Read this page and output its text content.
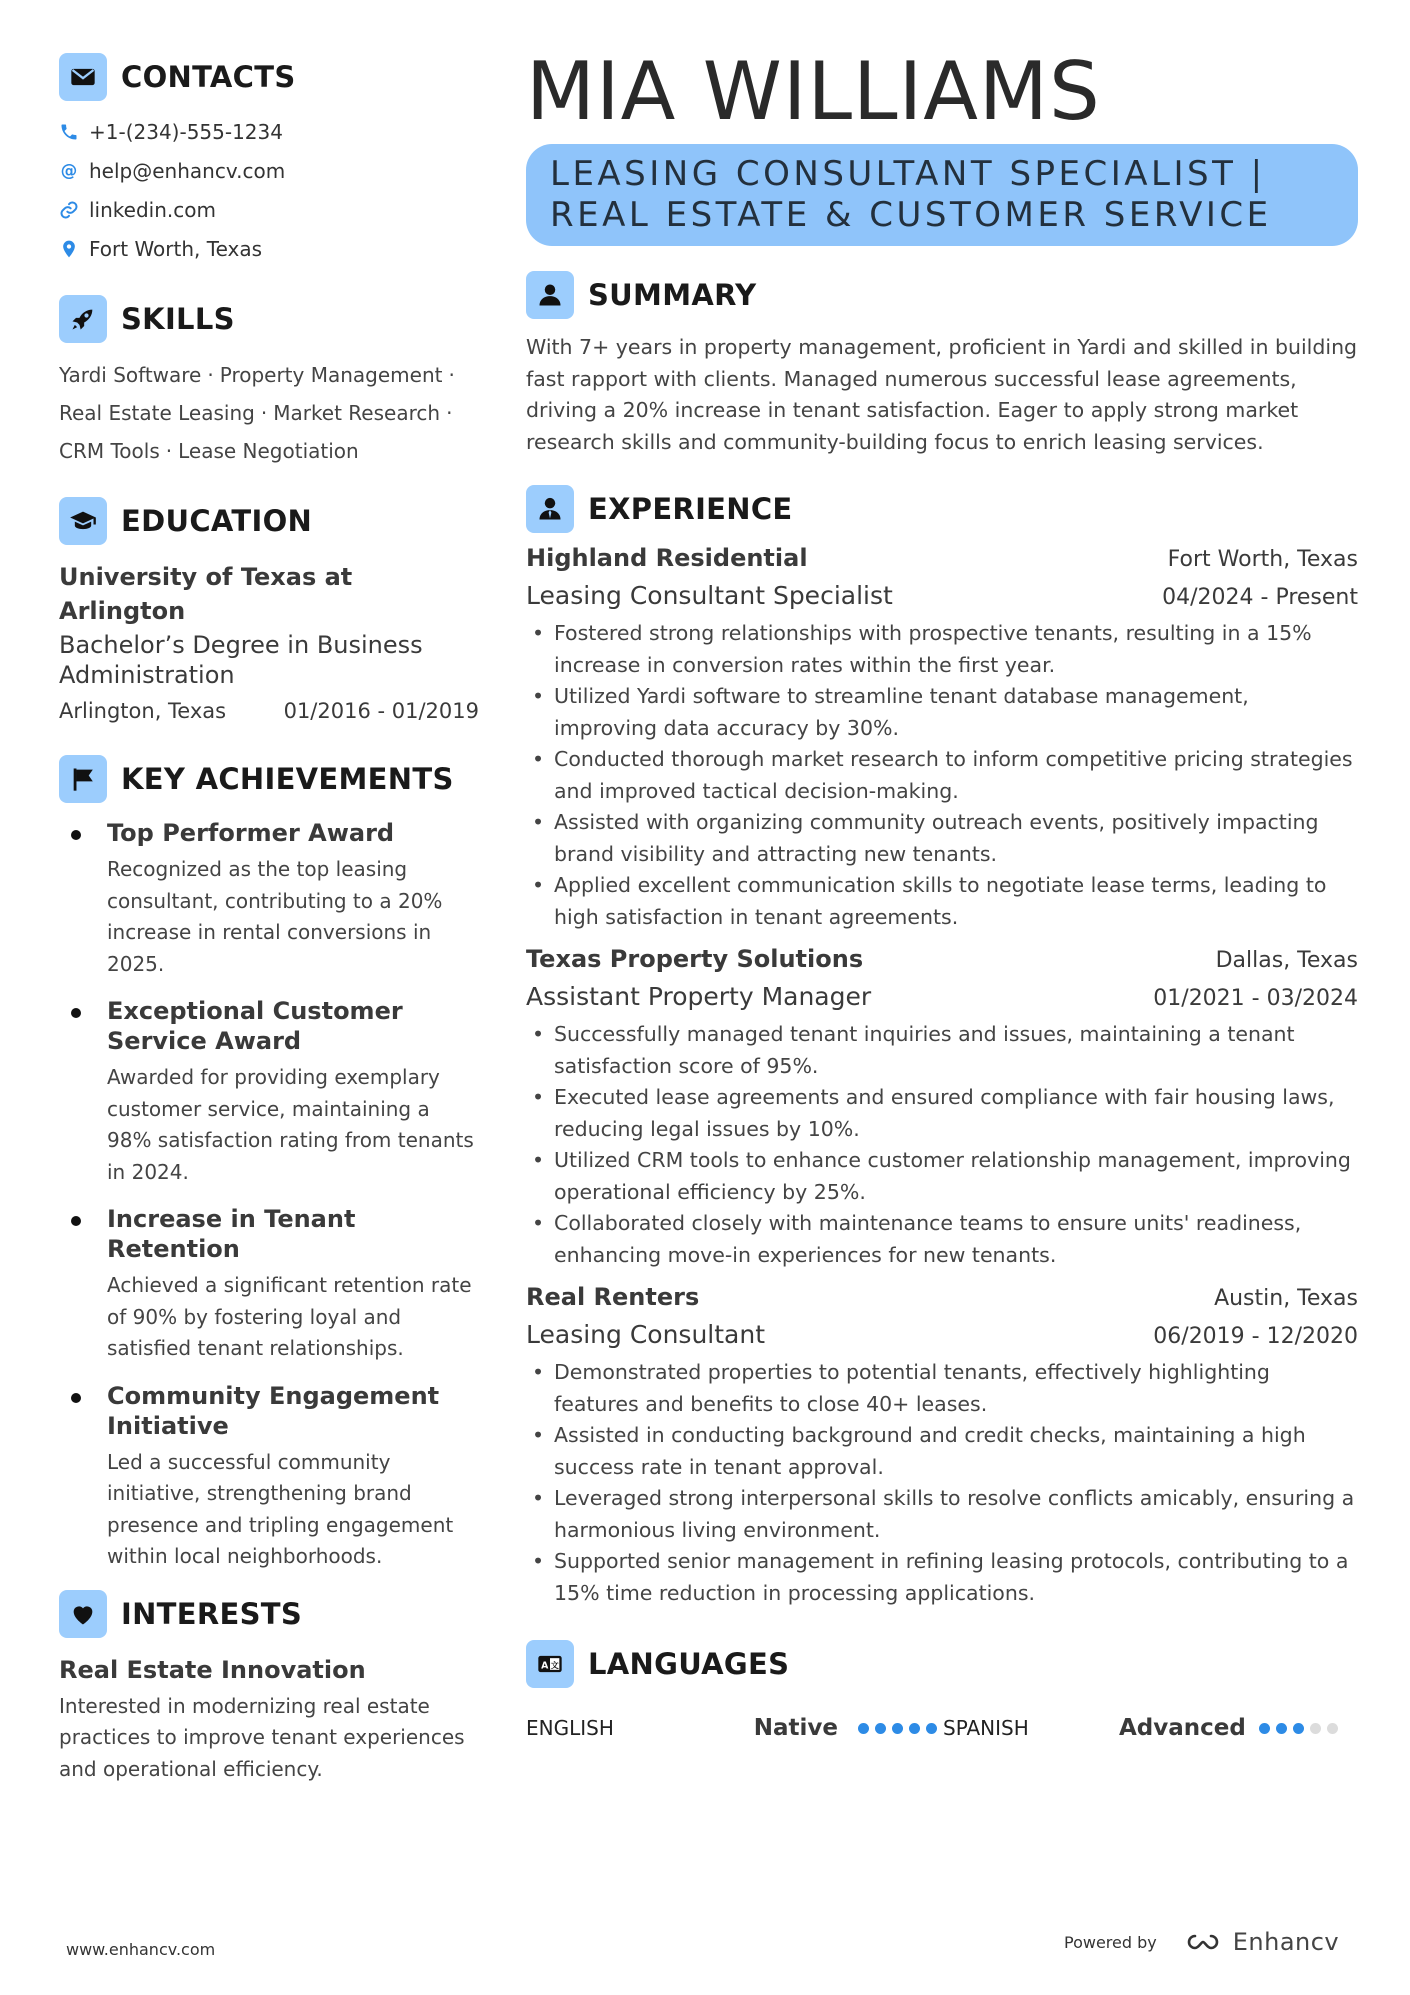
CONTACTS
+1-(234)-555-1234
@ help@enhancv.com
linkedin.com
Fort Worth, Texas
SKILLS
Yardi Software · Property Management ·
Real Estate Leasing · Market Research ·
CRM Tools · Lease Negotiation
EDUCATION
University of Texas at Arlington
Bachelor’s Degree in Business Administration
Arlington, Texas	01/2016 - 01/2019
KEY ACHIEVEMENTS
Top Performer Award
Recognized as the top leasing consultant, contributing to a 20% increase in rental conversions in 2025.
Exceptional Customer Service Award
Awarded for providing exemplary customer service, maintaining a 98% satisfaction rating from tenants in 2024.
Increase in Tenant Retention
Achieved a significant retention rate of 90% by fostering loyal and satisfied tenant relationships.
Community Engagement Initiative
Led a successful community initiative, strengthening brand presence and tripling engagement within local neighborhoods.
INTERESTS
Real Estate Innovation
Interested in modernizing real estate practices to improve tenant experiences and operational efficiency.
MIA WILLIAMS
LEASING CONSULTANT SPECIALIST |
REAL ESTATE & CUSTOMER SERVICE
SUMMARY
With 7+ years in property management, proficient in Yardi and skilled in building fast rapport with clients. Managed numerous successful lease agreements, driving a 20% increase in tenant satisfaction. Eager to apply strong market research skills and community-building focus to enrich leasing services.
EXPERIENCE
Highland Residential	Fort Worth, Texas
Leasing Consultant Specialist	04/2024 - Present
• Fostered strong relationships with prospective tenants, resulting in a 15% increase in conversion rates within the first year.
• Utilized Yardi software to streamline tenant database management, improving data accuracy by 30%.
• Conducted thorough market research to inform competitive pricing strategies and improved tactical decision-making.
• Assisted with organizing community outreach events, positively impacting brand visibility and attracting new tenants.
• Applied excellent communication skills to negotiate lease terms, leading to high satisfaction in tenant agreements.
Texas Property Solutions	Dallas, Texas
Assistant Property Manager	01/2021 - 03/2024
• Successfully managed tenant inquiries and issues, maintaining a tenant satisfaction score of 95%.
• Executed lease agreements and ensured compliance with fair housing laws, reducing legal issues by 10%.
• Utilized CRM tools to enhance customer relationship management, improving operational efficiency by 25%.
• Collaborated closely with maintenance teams to ensure units' readiness, enhancing move-in experiences for new tenants.
Real Renters	Austin, Texas
Leasing Consultant	06/2019 - 12/2020
• Demonstrated properties to potential tenants, effectively highlighting features and benefits to close 40+ leases.
• Assisted in conducting background and credit checks, maintaining a high success rate in tenant approval.
• Leveraged strong interpersonal skills to resolve conflicts amicably, ensuring a harmonious living environment.
• Supported senior management in refining leasing protocols, contributing to a 15% time reduction in processing applications.
A 文 LANGUAGES
ENGLISH	Native	SPANISH	Advanced
www.enhancv.com	Powered by	Enhancv
